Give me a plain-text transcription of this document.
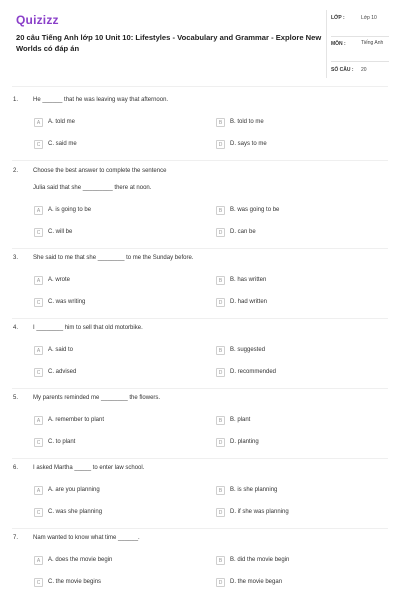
Quizizz
20 câu Tiếng Anh lớp 10 Unit 10: Lifestyles - Vocabulary and Grammar - Explore New Worlds có đáp án
LỚP :	Lớp 10
MÔN :	Tiếng Anh
SỐ CÂU : 20
1. He ______ that he was leaving way that afternoon.
A	A. told me	B	B. told to me
C	C. said me	D	D. says to me
2. Choose the best answer to complete the sentence
Julia said that she _________ there at noon.
A	A. is going to be	B	B. was going to be
C	C. will be	D	D. can be
3. She said to me that she ________ to me the Sunday before.
A	A. wrote	B	B. has written
C	C. was writing	D	D. had written
4. I ________ him to sell that old motorbike.
A	A. said to	B	B. suggested
C	C. advised	D	D. recommended
5. My parents reminded me ________ the flowers.
A	A. remember to plant	B	B. plant
C	C. to plant	D	D. planting
6. I asked Martha _____ to enter law school.
A	A. are you planning	B	B. is she planning
C	C. was she planning	D	D. if she was planning
7. Nam wanted to know what time ______.
A	A. does the movie begin	B	B. did the movie begin
C	C. the movie begins	D	D. the movie began
